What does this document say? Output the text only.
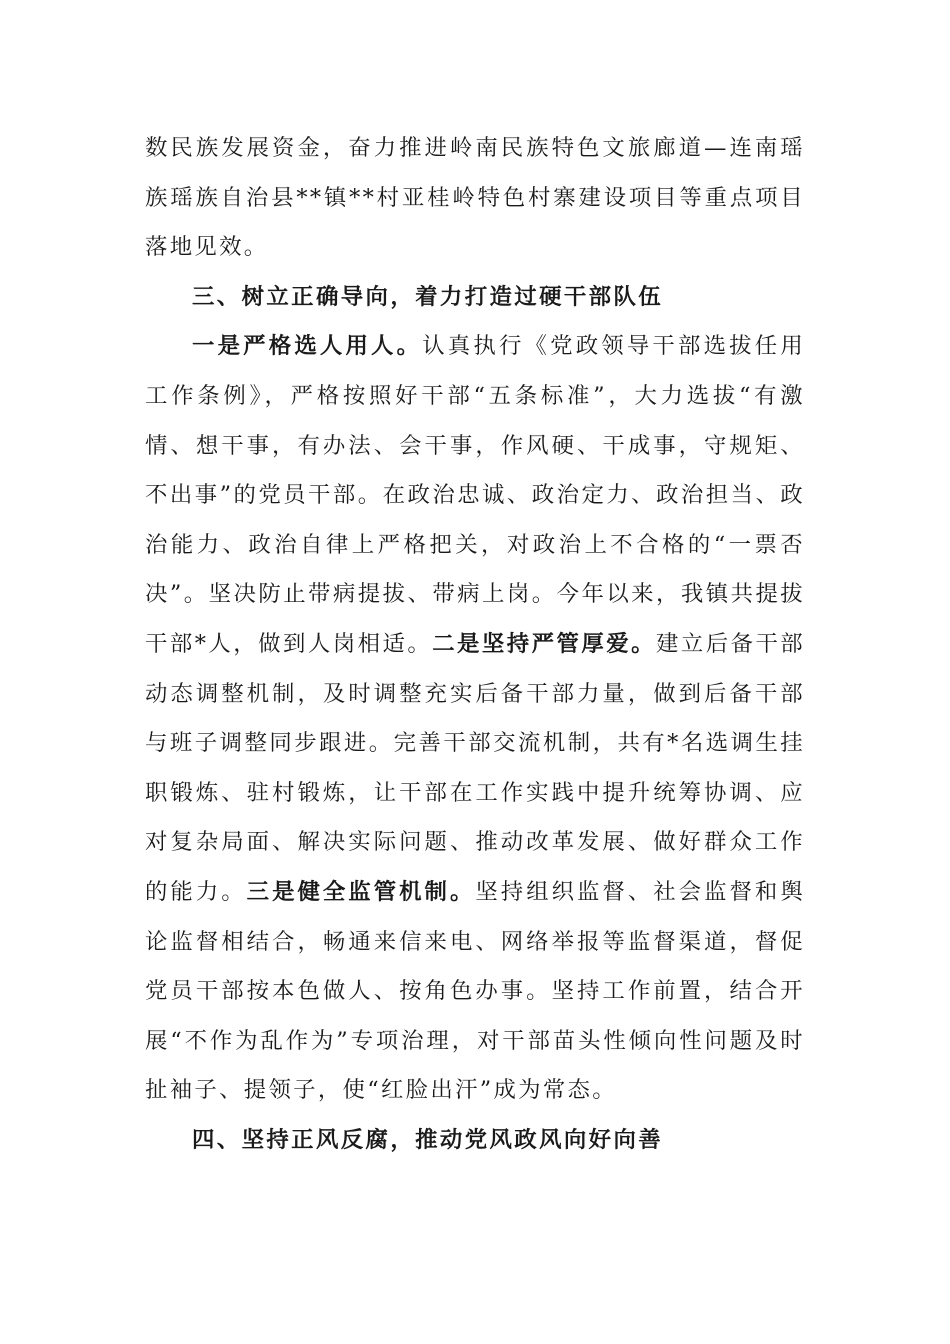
数民族发展资金，奋力推进岭南民族特色文旅廊道—连南瑶族瑶族自治县**镇**村亚桂岭特色村寨建设项目等重点项目落地见效。

三、树立正确导向，着力打造过硬干部队伍

一是严格选人用人。认真执行《党政领导干部选拔任用工作条例》，严格按照好干部“五条标准”，大力选拔“有激情、想干事，有办法、会干事，作风硬、干成事，守规矩、不出事”的党员干部。在政治忠诚、政治定力、政治担当、政治能力、政治自律上严格把关，对政治上不合格的“一票否决”。坚决防止带病提拔、带病上岗。今年以来，我镇共提拔干部*人，做到人岗相适。二是坚持严管厚爱。建立后备干部动态调整机制，及时调整充实后备干部力量，做到后备干部与班子调整同步跟进。完善干部交流机制，共有*名选调生挂职锻炼、驻村锻炼，让干部在工作实践中提升统筹协调、应对复杂局面、解决实际问题、推动改革发展、做好群众工作的能力。三是健全监管机制。坚持组织监督、社会监督和舆论监督相结合，畅通来信来电、网络举报等监督渠道，督促党员干部按本色做人、按角色办事。坚持工作前置，结合开展“不作为乱作为”专项治理，对干部苗头性倾向性问题及时扯袖子、提领子，使“红脸出汗”成为常态。

四、坚持正风反腐，推动党风政风向好向善
